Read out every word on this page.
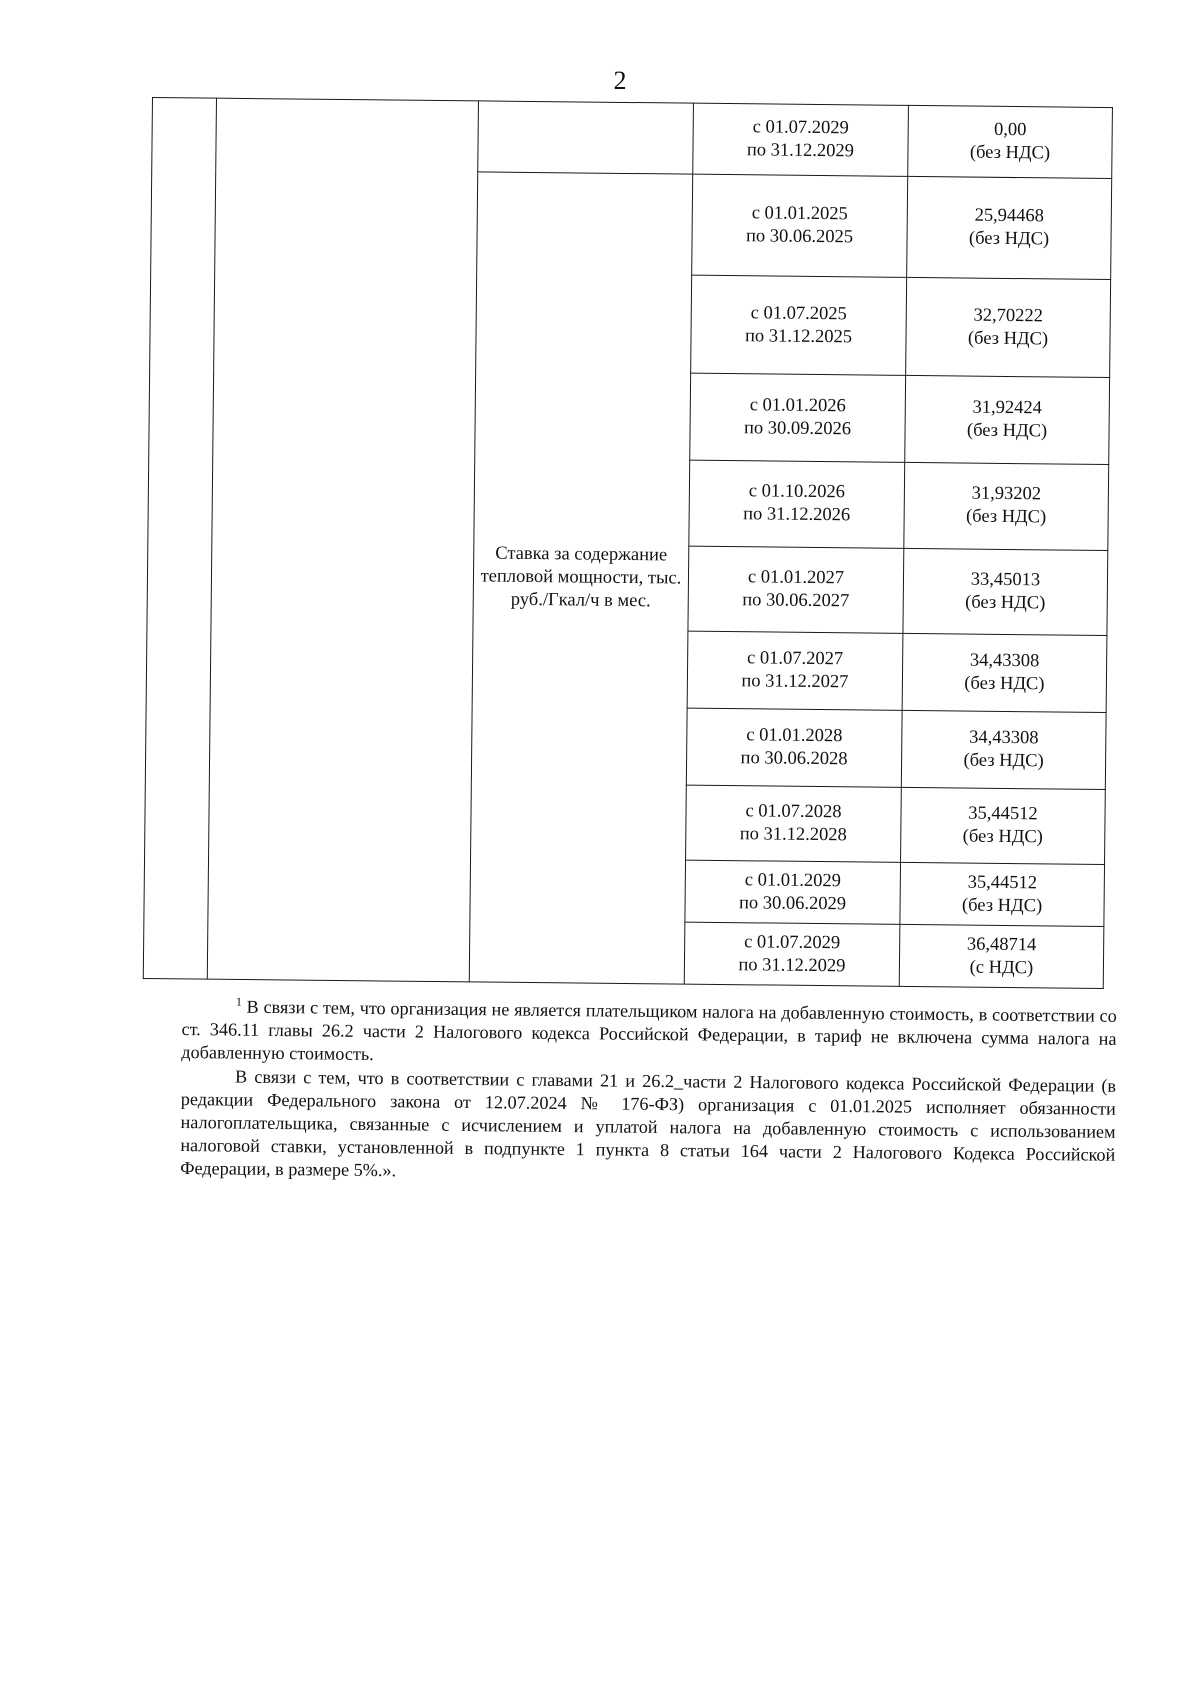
2

			с 01.07.2029
по 31.12.2029	0,00
(без НДС)

		Ставка за содержание тепловой мощности, тыс. руб./Гкал/ч в мес.	с 01.01.2025
по 30.06.2025	25,94468
(без НДС)

			с 01.07.2025
по 31.12.2025	32,70222
(без НДС)

			с 01.01.2026
по 30.09.2026	31,92424
(без НДС)

			с 01.10.2026
по 31.12.2026	31,93202
(без НДС)

			с 01.01.2027
по 30.06.2027	33,45013
(без НДС)

			с 01.07.2027
по 31.12.2027	34,43308
(без НДС)

			с 01.01.2028
по 30.06.2028	34,43308
(без НДС)

			с 01.07.2028
по 31.12.2028	35,44512
(без НДС)

			с 01.01.2029
по 30.06.2029	35,44512
(без НДС)

			с 01.07.2029
по 31.12.2029	36,48714
(с НДС)

$^1$ В связи с тем, что организация не является плательщиком налога на добавленную стоимость, в соответствии со ст. 346.11 главы 26.2 части 2 Налогового кодекса Российской Федерации, в тариф не включена сумма налога на добавленную стоимость.

В связи с тем, что в соответствии с главами 21 и 26.2_части 2 Налогового кодекса Российской Федерации (в редакции Федерального закона от 12.07.2024 № 176-ФЗ) организация с 01.01.2025 исполняет обязанности налогоплательщика, связанные с исчислением и уплатой налога на добавленную стоимость с использованием налоговой ставки, установленной в подпункте 1 пункта 8 статьи 164 части 2 Налогового Кодекса Российской Федерации, в размере 5%.».
